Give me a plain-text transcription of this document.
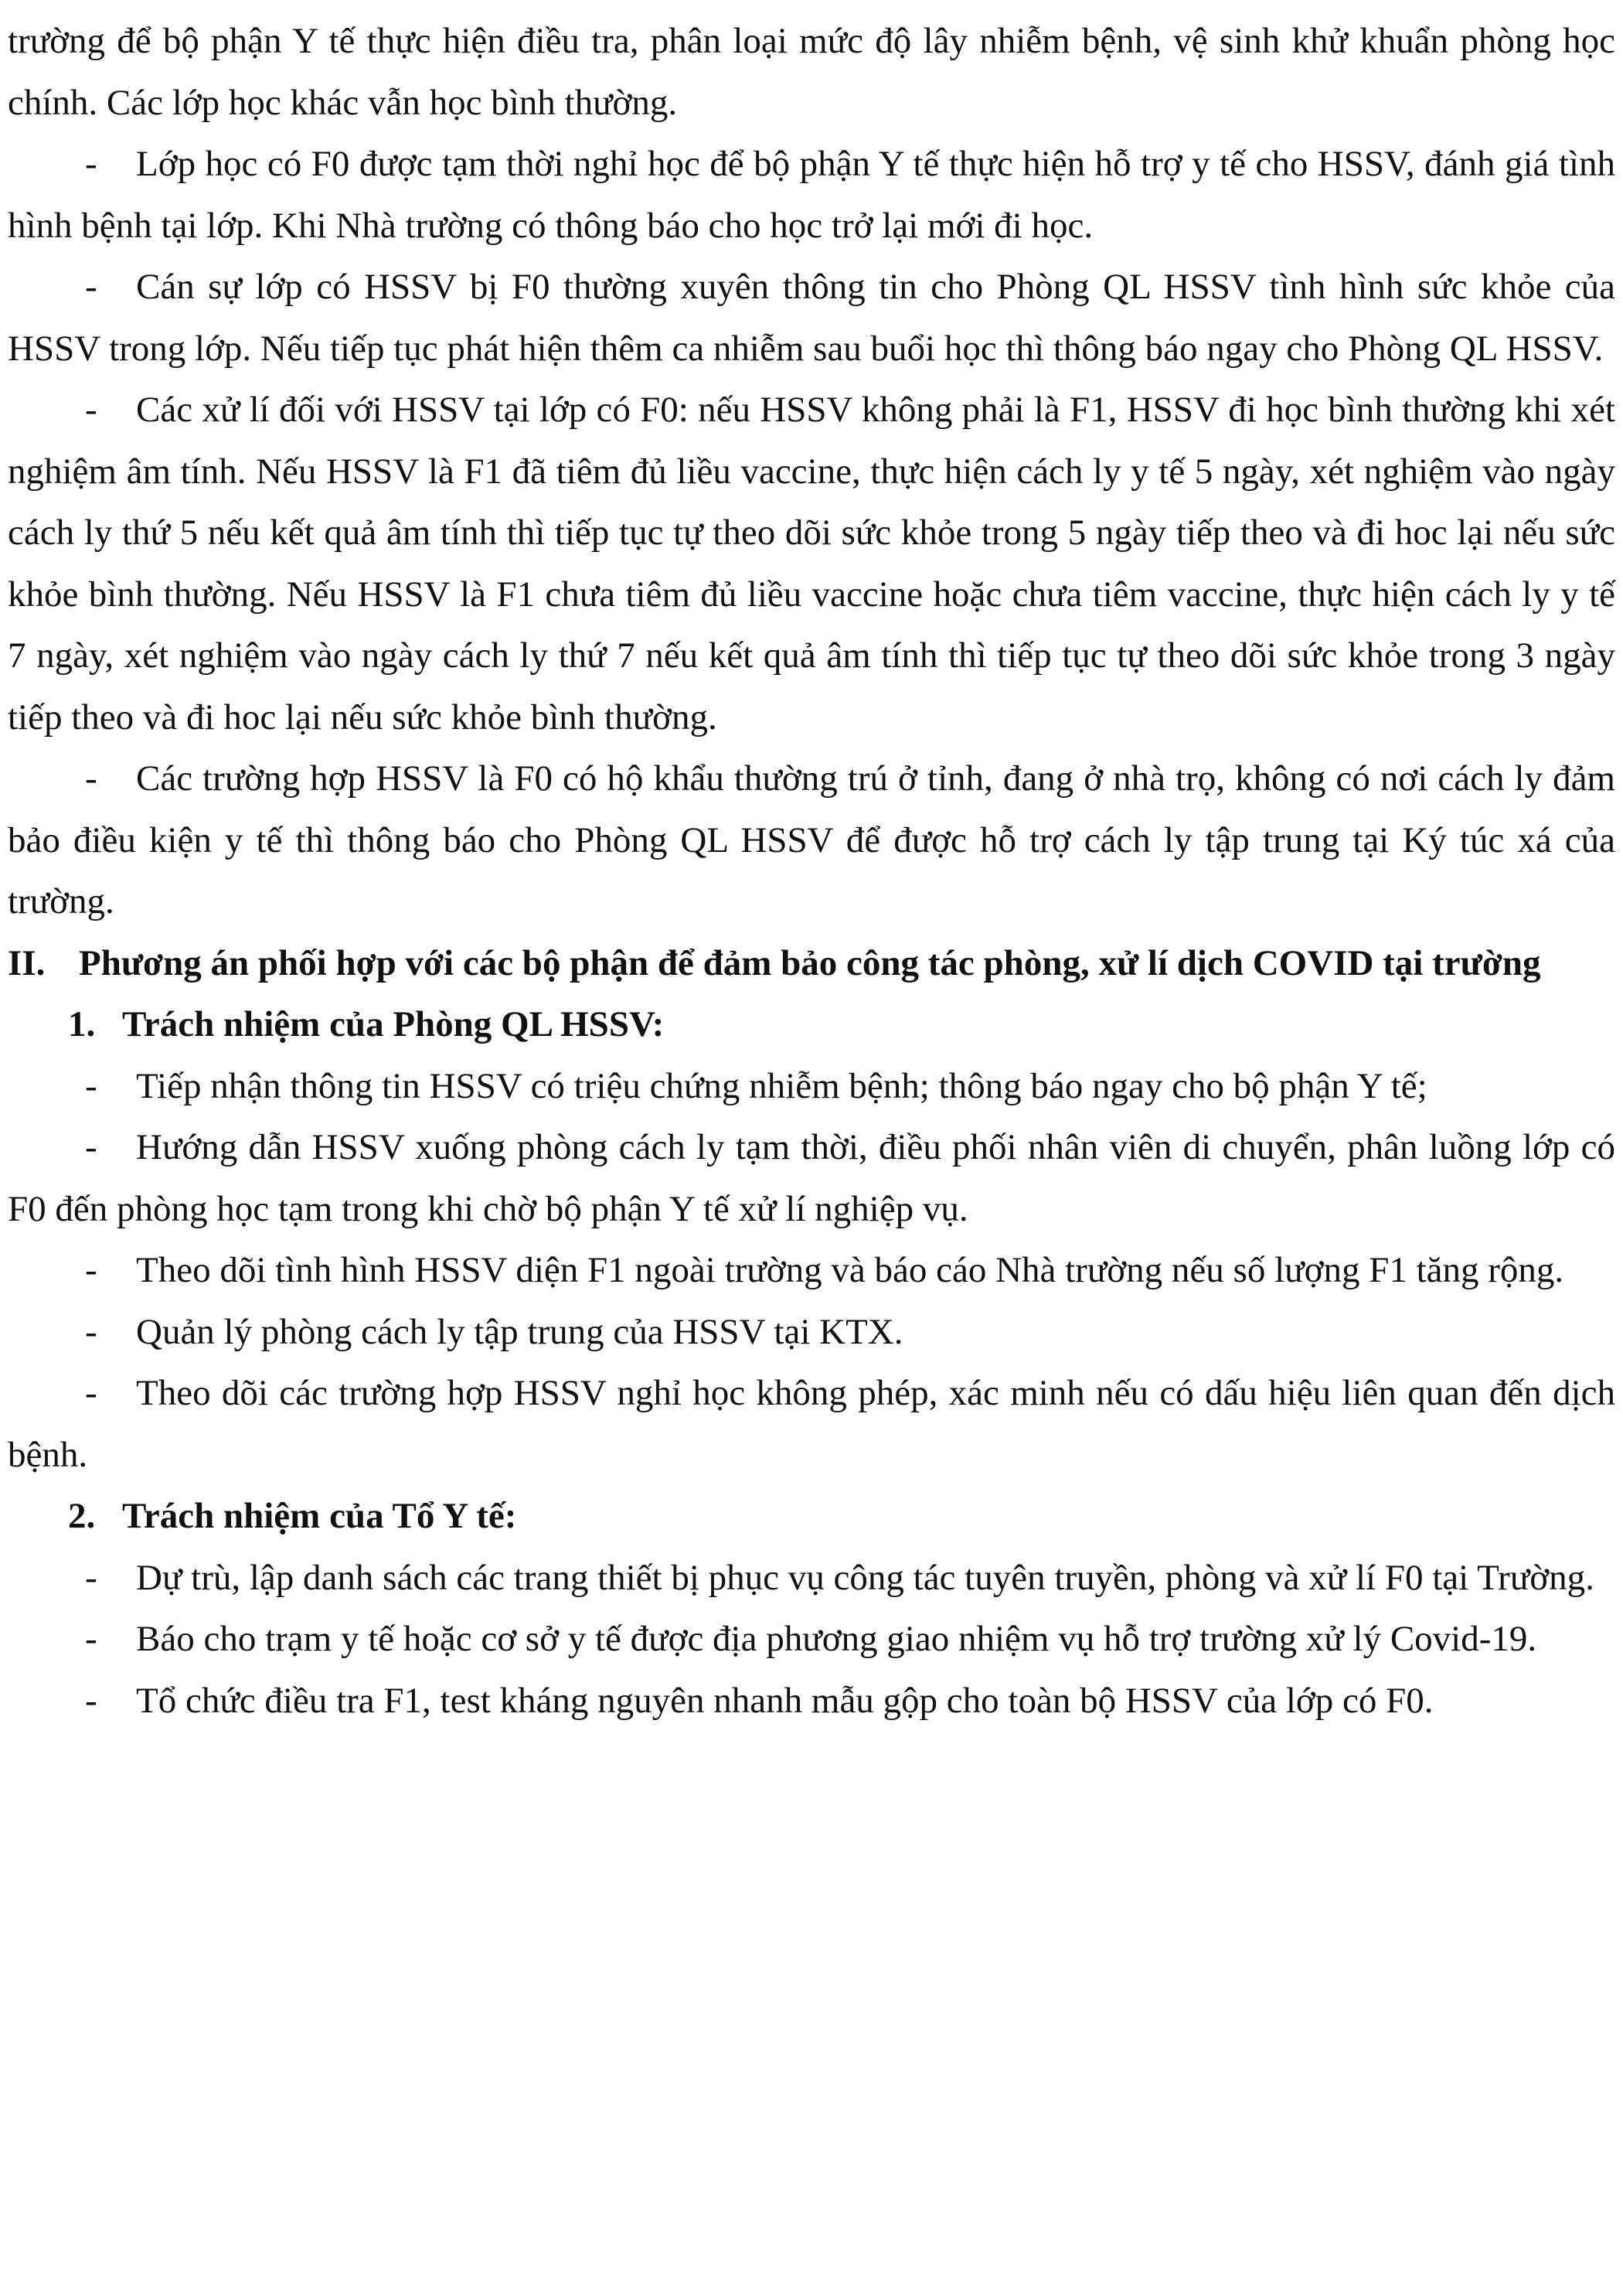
trường để bộ phận Y tế thực hiện điều tra, phân loại mức độ lây nhiễm bệnh, vệ sinh khử khuẩn phòng học chính. Các lớp học khác vẫn học bình thường.

- Lớp học có F0 được tạm thời nghỉ học để bộ phận Y tế thực hiện hỗ trợ y tế cho HSSV, đánh giá tình hình bệnh tại lớp. Khi Nhà trường có thông báo cho học trở lại mới đi học.

- Cán sự lớp có HSSV bị F0 thường xuyên thông tin cho Phòng QL HSSV tình hình sức khỏe của HSSV trong lớp. Nếu tiếp tục phát hiện thêm ca nhiễm sau buổi học thì thông báo ngay cho Phòng QL HSSV.

- Các xử lí đối với HSSV tại lớp có F0: nếu HSSV không phải là F1, HSSV đi học bình thường khi xét nghiệm âm tính. Nếu HSSV là F1 đã tiêm đủ liều vaccine, thực hiện cách ly y tế 5 ngày, xét nghiệm vào ngày cách ly thứ 5 nếu kết quả âm tính thì tiếp tục tự theo dõi sức khỏe trong 5 ngày tiếp theo và đi hoc lại nếu sức khỏe bình thường. Nếu HSSV là F1 chưa tiêm đủ liều vaccine hoặc chưa tiêm vaccine, thực hiện cách ly y tế 7 ngày, xét nghiệm vào ngày cách ly thứ 7 nếu kết quả âm tính thì tiếp tục tự theo dõi sức khỏe trong 3 ngày tiếp theo và đi hoc lại nếu sức khỏe bình thường.

- Các trường hợp HSSV là F0 có hộ khẩu thường trú ở tỉnh, đang ở nhà trọ, không có nơi cách ly đảm bảo điều kiện y tế thì thông báo cho Phòng QL HSSV để được hỗ trợ cách ly tập trung tại Ký túc xá của trường.

II. Phương án phối hợp với các bộ phận để đảm bảo công tác phòng, xử lí dịch COVID tại trường

1. Trách nhiệm của Phòng QL HSSV:

- Tiếp nhận thông tin HSSV có triệu chứng nhiễm bệnh; thông báo ngay cho bộ phận Y tế;

- Hướng dẫn HSSV xuống phòng cách ly tạm thời, điều phối nhân viên di chuyển, phân luồng lớp có F0 đến phòng học tạm trong khi chờ bộ phận Y tế xử lí nghiệp vụ.

- Theo dõi tình hình HSSV diện F1 ngoài trường và báo cáo Nhà trường nếu số lượng F1 tăng rộng.

- Quản lý phòng cách ly tập trung của HSSV tại KTX.

- Theo dõi các trường hợp HSSV nghỉ học không phép, xác minh nếu có dấu hiệu liên quan đến dịch bệnh.

2. Trách nhiệm của Tổ Y tế:

- Dự trù, lập danh sách các trang thiết bị phục vụ công tác tuyên truyền, phòng và xử lí F0 tại Trường.

- Báo cho trạm y tế hoặc cơ sở y tế được địa phương giao nhiệm vụ hỗ trợ trường xử lý Covid-19.

- Tổ chức điều tra F1, test kháng nguyên nhanh mẫu gộp cho toàn bộ HSSV của lớp có F0.
